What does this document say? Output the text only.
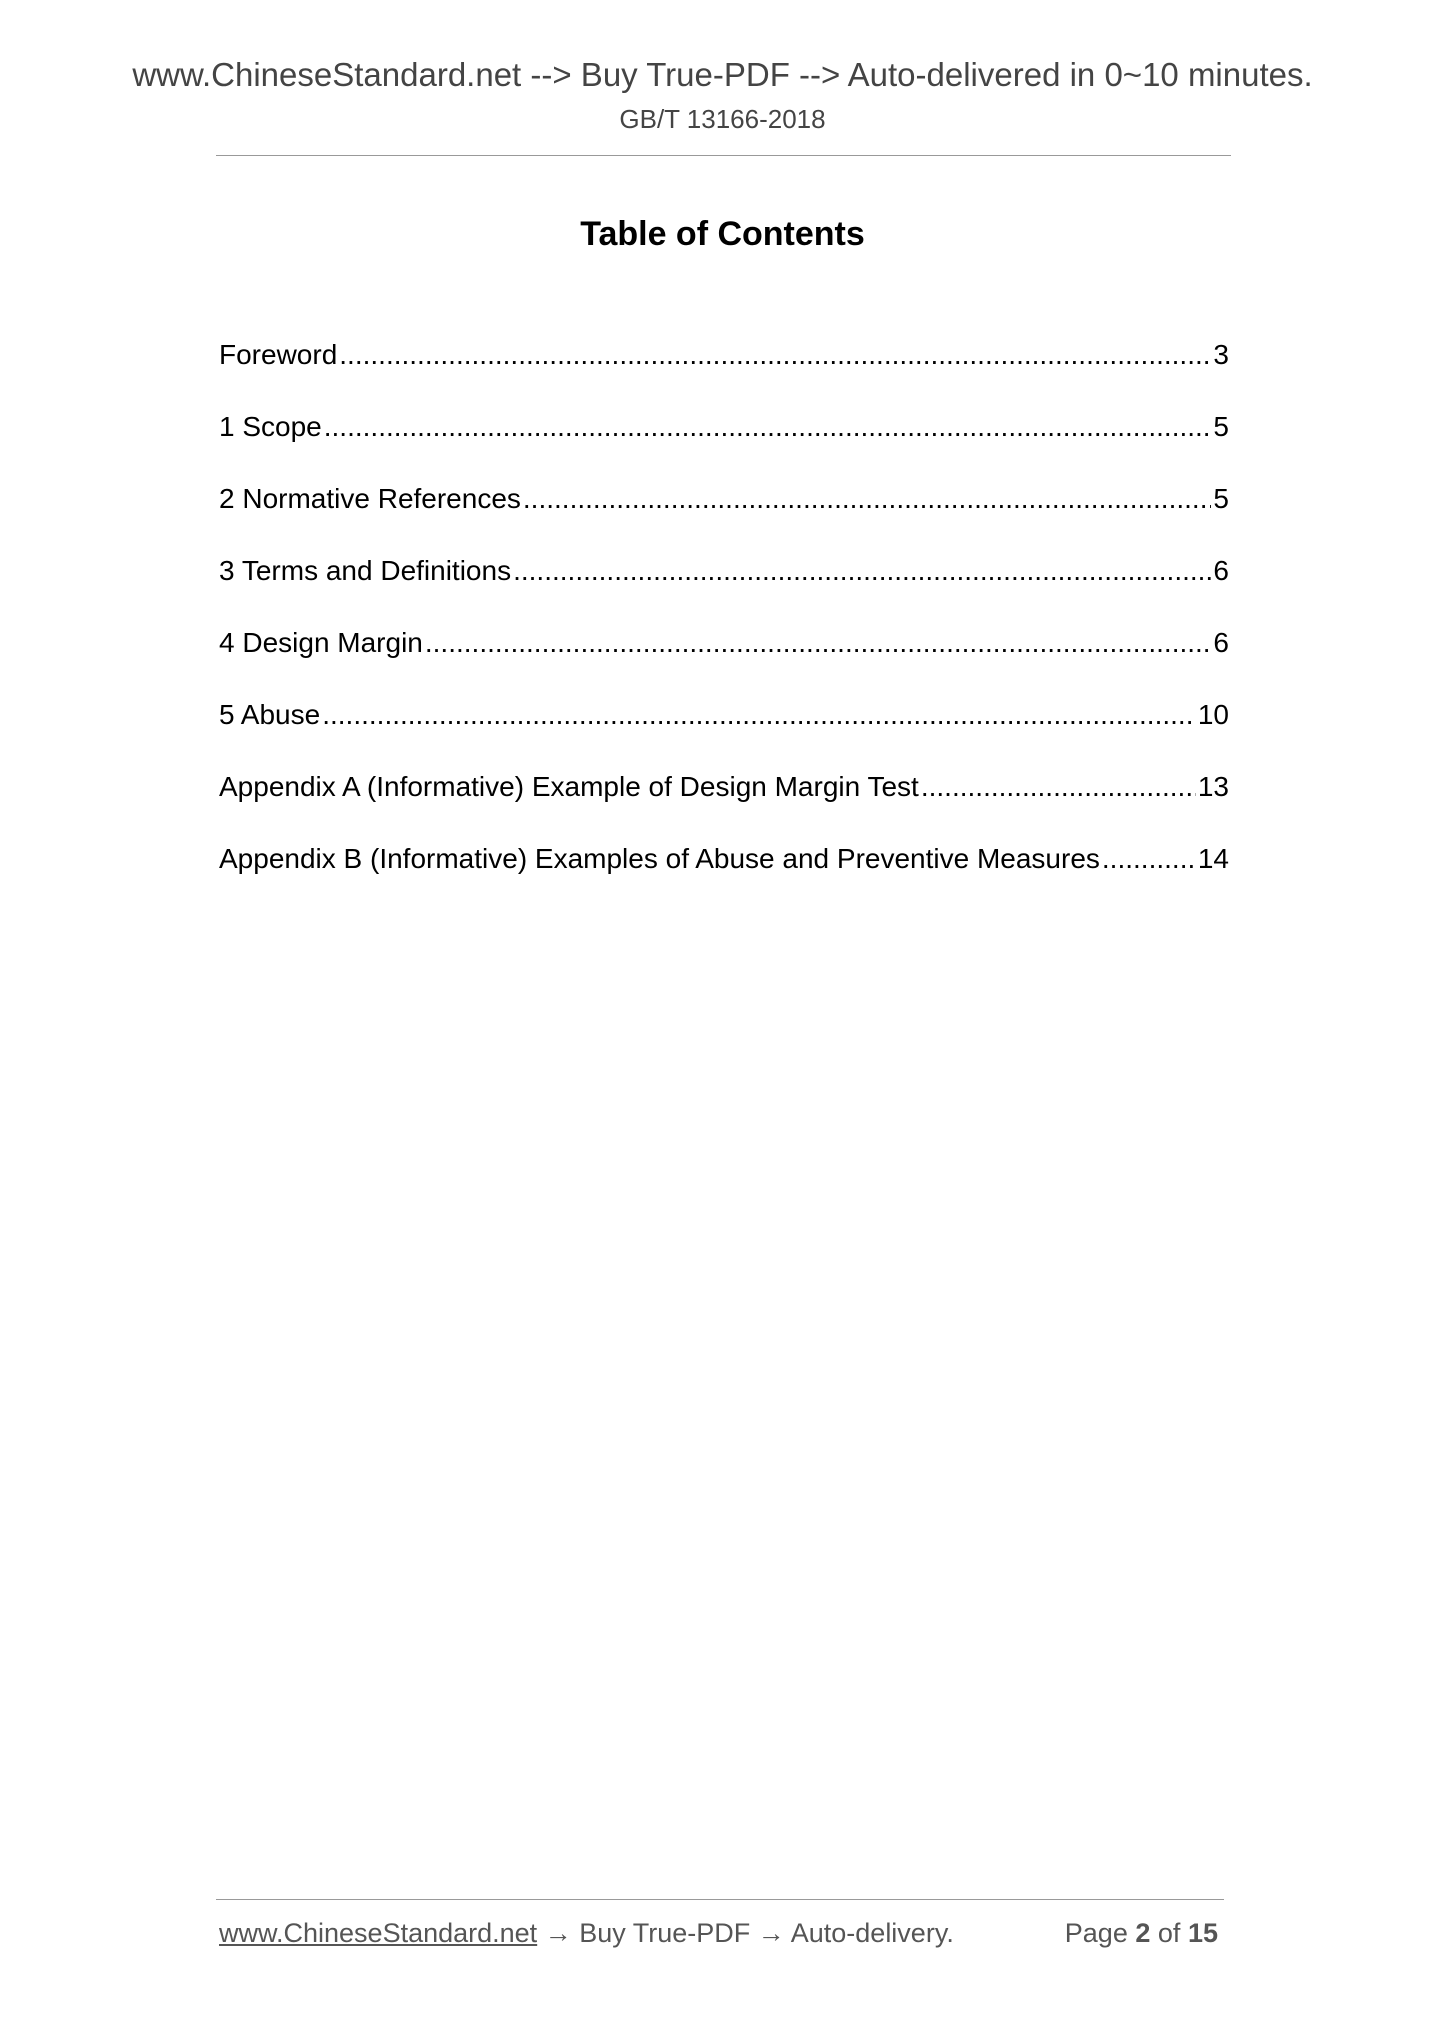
www.ChineseStandard.net --> Buy True-PDF --> Auto-delivered in 0~10 minutes.
GB/T 13166-2018
Table of Contents
Foreword .....	3
1 Scope .....	5
2 Normative References .....	5
3 Terms and Definitions .....	6
4 Design Margin .....	6
5 Abuse .....	10
Appendix A (Informative) Example of Design Margin Test .....	13
Appendix B (Informative) Examples of Abuse and Preventive Measures .....	14
www.ChineseStandard.net → Buy True-PDF → Auto-delivery.	Page 2 of 15
